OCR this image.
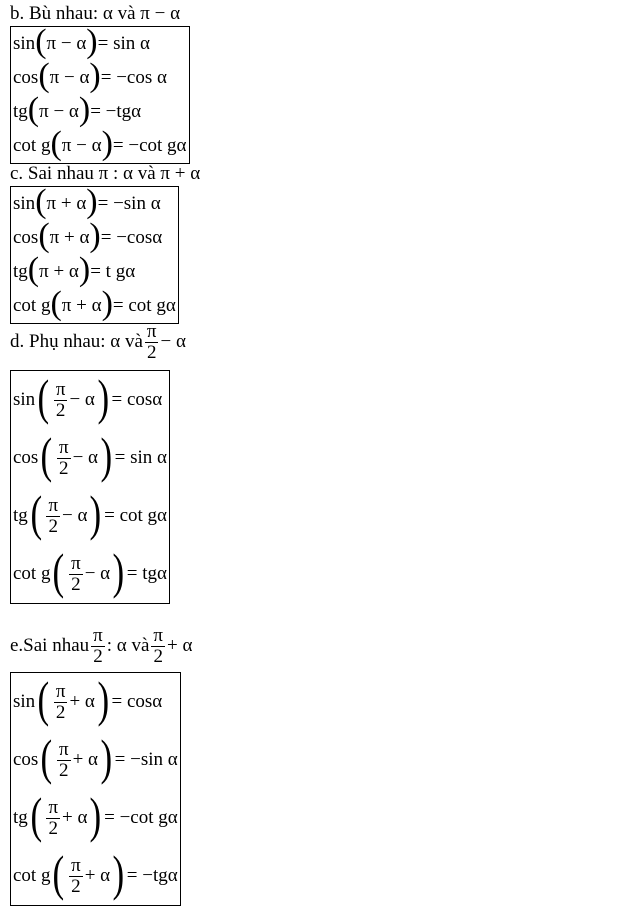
b. Bù nhau: α và π − α
sin ( π − α ) = sin α
cos ( π − α ) = −cos α
tg ( π − α ) = −tgα
cot g ( π − α ) = −cot gα
c. Sai nhau π : α và π + α
sin ( π + α ) = −sin α
cos ( π + α ) = −cosα
tg ( π + α ) = t gα
cot g ( π + α ) = cot gα
d. Phụ nhau: α và $\frac{\pi}{2} - \alpha$
sin ( $\frac{\pi}{2} - \alpha$ ) = cosα
cos ( $\frac{\pi}{2} - \alpha$ ) = sin α
tg ( $\frac{\pi}{2} - \alpha$ ) = cot gα
cot g ( $\frac{\pi}{2} - \alpha$ ) = tgα
e.Sai nhau $\frac{\pi}{2}$ : α và $\frac{\pi}{2} + \alpha$
sin ( $\frac{\pi}{2} + \alpha$ ) = cosα
cos ( $\frac{\pi}{2} + \alpha$ ) = −sin α
tg ( $\frac{\pi}{2} + \alpha$ ) = −cot gα
cot g ( $\frac{\pi}{2} + \alpha$ ) = −tgα
